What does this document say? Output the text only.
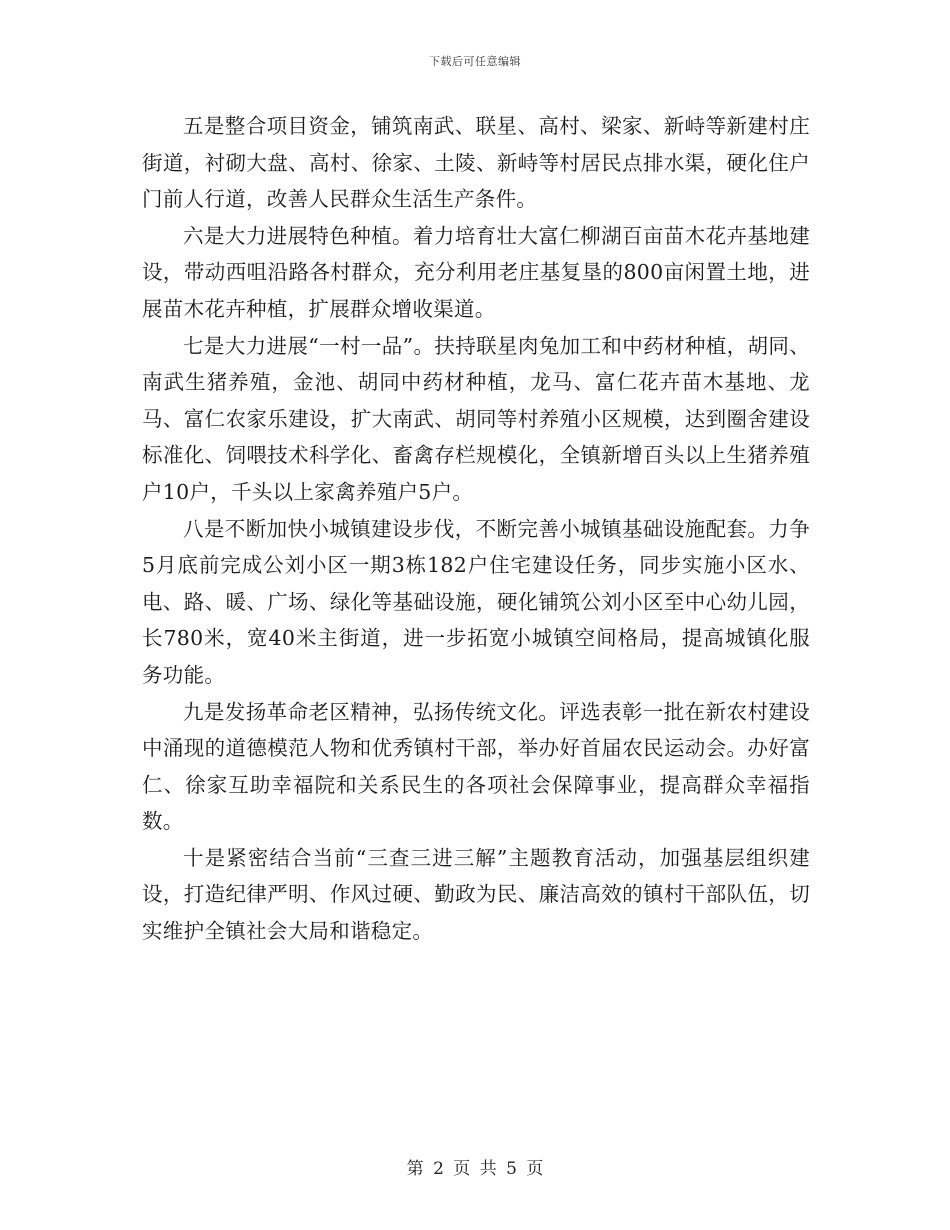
下载后可任意编辑

五是整合项目资金，铺筑南武、联星、高村、梁家、新峙等新建村庄街道，衬砌大盘、高村、徐家、土陵、新峙等村居民点排水渠，硬化住户门前人行道，改善人民群众生活生产条件。

六是大力进展特色种植。着力培育壮大富仁柳湖百亩苗木花卉基地建设，带动西咀沿路各村群众，充分利用老庄基复垦的800亩闲置土地，进展苗木花卉种植，扩展群众增收渠道。

七是大力进展“一村一品”。扶持联星肉兔加工和中药材种植，胡同、南武生猪养殖，金池、胡同中药材种植，龙马、富仁花卉苗木基地、龙马、富仁农家乐建设，扩大南武、胡同等村养殖小区规模，达到圈舍建设标准化、饲喂技术科学化、畜禽存栏规模化，全镇新增百头以上生猪养殖户10户，千头以上家禽养殖户5户。

八是不断加快小城镇建设步伐，不断完善小城镇基础设施配套。力争5月底前完成公刘小区一期3栋182户住宅建设任务，同步实施小区水、电、路、暖、广场、绿化等基础设施，硬化铺筑公刘小区至中心幼儿园，长780米，宽40米主街道，进一步拓宽小城镇空间格局，提高城镇化服务功能。

九是发扬革命老区精神，弘扬传统文化。评选表彰一批在新农村建设中涌现的道德模范人物和优秀镇村干部，举办好首届农民运动会。办好富仁、徐家互助幸福院和关系民生的各项社会保障事业，提高群众幸福指数。

十是紧密结合当前“三查三进三解”主题教育活动，加强基层组织建设，打造纪律严明、作风过硬、勤政为民、廉洁高效的镇村干部队伍，切实维护全镇社会大局和谐稳定。

第 2 页 共 5 页
